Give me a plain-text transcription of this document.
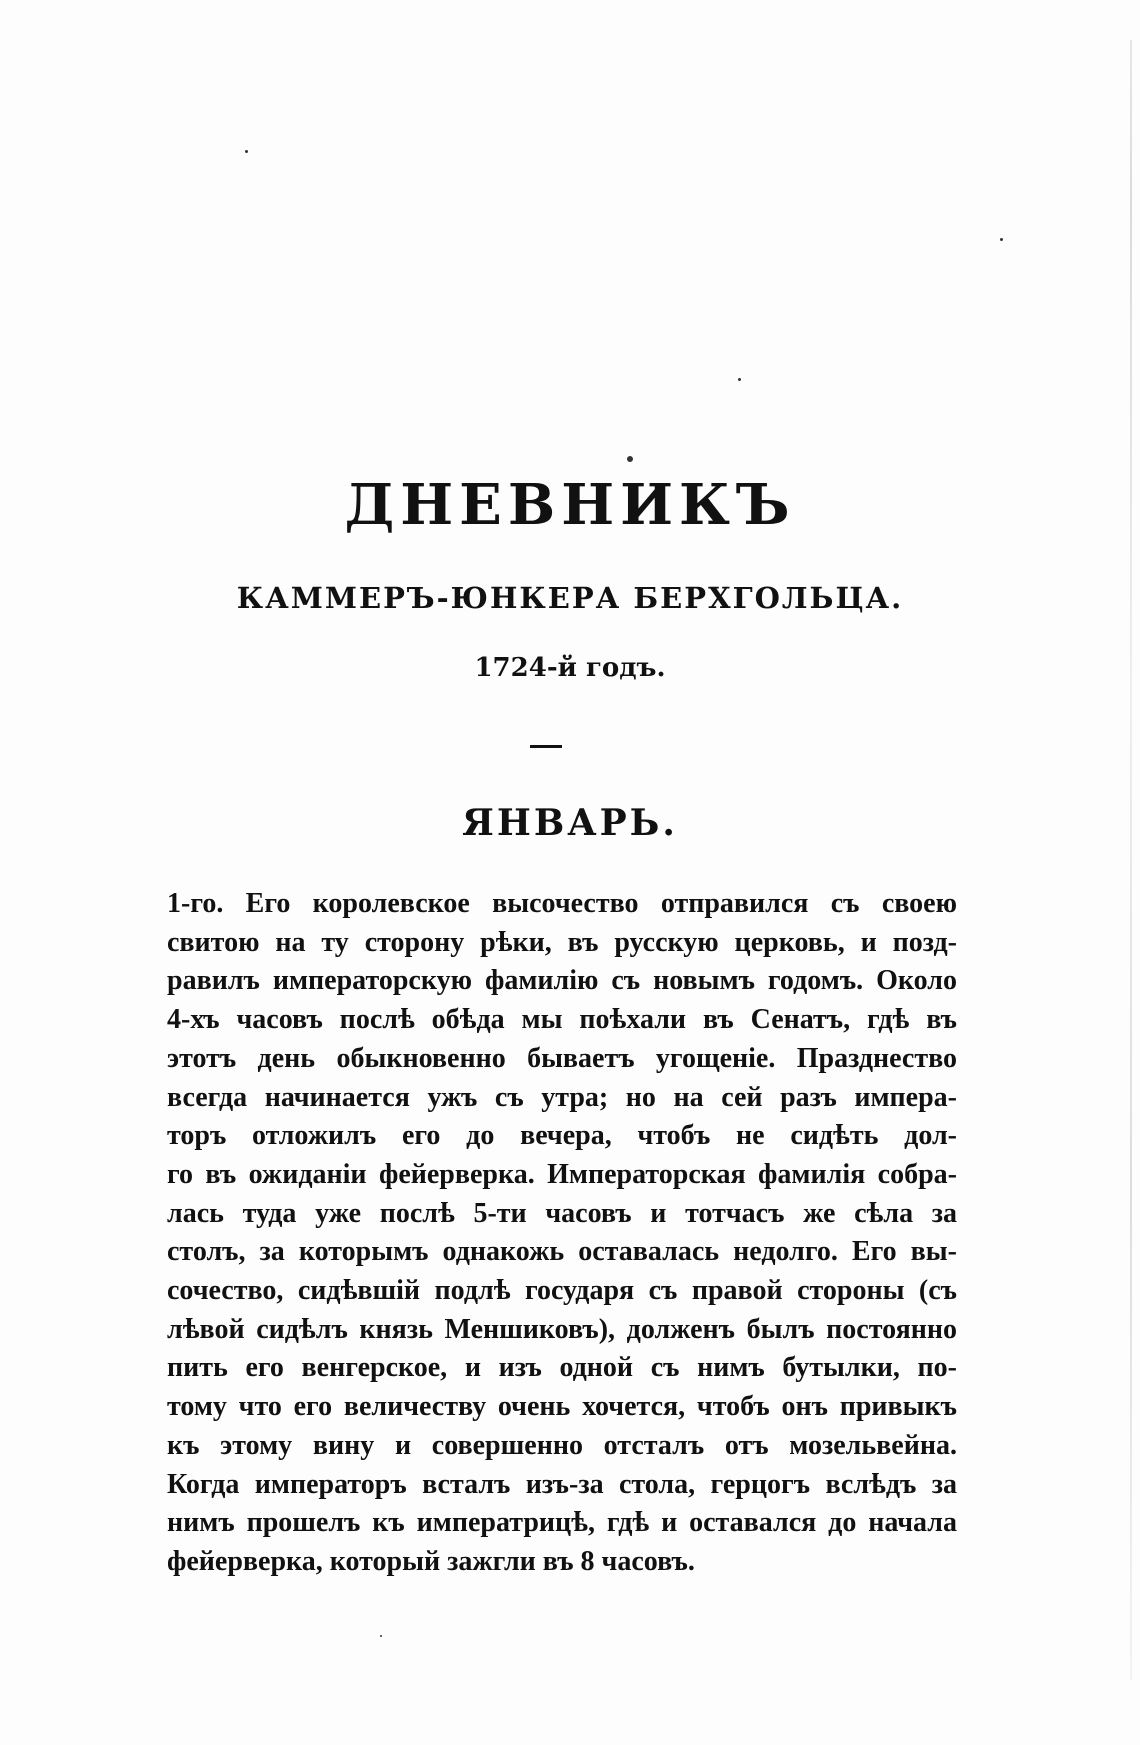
ДНЕВНИКЪ
КАММЕРЪ-ЮНКЕРА БЕРХГОЛЬЦА.
1724-й годъ.
ЯНВАРЬ.
1-го. Его королевское высочество отправился съ своею
свитою на ту сторону рѣки, въ русскую церковь, и позд-
равилъ императорскую фамилію съ новымъ годомъ. Около
4-хъ часовъ послѣ обѣда мы поѣхали въ Сенатъ, гдѣ въ
этотъ день обыкновенно бываетъ угощеніе. Празднество
всегда начинается ужъ съ утра; но на сей разъ импера-
торъ отложилъ его до вечера, чтобъ не сидѣть дол-
го въ ожиданіи фейерверка. Императорская фамилія собра-
лась туда уже послѣ 5-ти часовъ и тотчасъ же сѣла за
столъ, за которымъ однакожь оставалась недолго. Его вы-
сочество, сидѣвшій подлѣ государя съ правой стороны (съ
лѣвой сидѣлъ князь Меншиковъ), долженъ былъ постоянно
пить его венгерское, и изъ одной съ нимъ бутылки, по-
тому что его величеству очень хочется, чтобъ онъ привыкъ
къ этому вину и совершенно отсталъ отъ мозельвейна.
Когда императоръ всталъ изъ-за стола, герцогъ вслѣдъ за
нимъ прошелъ къ императрицѣ, гдѣ и оставался до начала
фейерверка, который зажгли въ 8 часовъ.
